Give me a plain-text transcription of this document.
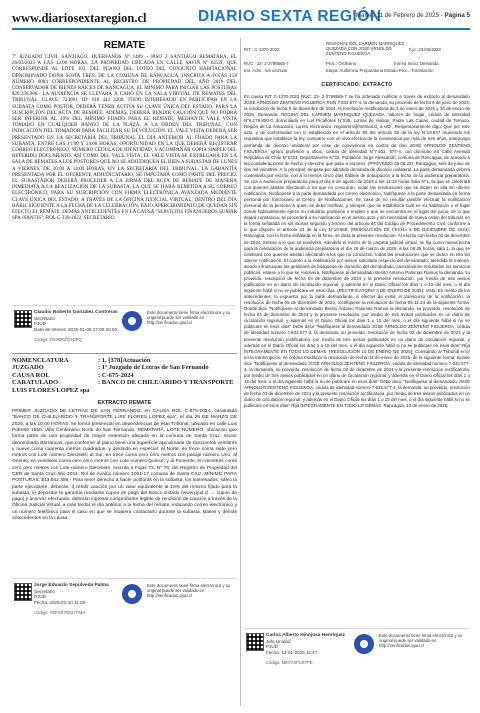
www.diariosextaregion.cl	DIARIO SEXTA REGIÓN
Martes 11 de Febrero de 2025 - Página 5
REMATE
7º JUZGADO CIVIL SANTIAGO, HUÉRFANOS Nº 1409 – PISO 2 SANTIAGO REMATARÁ, EL 26/03/2025 A LAS 12:00 HORAS, LA PROPIEDAD UBICADA EN CALLE SAVIÑ Nº 0252I, QUE CORRESPONDE AL LOTE 103, DEL PLANO DEL LOTEO DEL CONJUNTO HABITACIONAL DENOMINADO DOÑA SOFÍA TRES, DE LA COMUNA DE RANCAGUA, INSCRITA A FOJAS 158 NÚMERO 6084 CORRESPONDIENTE AL REGISTRO DE PROPIEDAD DEL AÑO 2016 DEL CONSERVADOR DE BIENES RAÍCES DE RANCAGUA. EL MÍNIMO PARA INICIAR LAS POSTURAS $26.356.986.- LA AUDIENCIA SE LLEVARÁ A CABO EN LA SALA VIRTUAL DE REMATES DEL TRIBUNAL, CLAVE: 723861, ID: 618 442 3280. TODO INTERESADO EN PARTICIPAR EN LA SUBASTA COMO POSTOR, DEBERÁ TENER ACTIVA SU CLAVE ÚNICA DEL ESTADO, PARA LA SUSCRIPCIÓN DEL ACTA DE REMATE. ADEMÁS, DEBERÁ RENDIR CAUCIÓN QUE NO PODRÁ SER INFERIOR AL 10% DEL MÍNIMO FIJADO PARA EL REMATE, MEDIANTE VALE VISTA TOMADO EN CUALQUIER BANCO DE LA PLAZA, A LA ORDEN DEL TRIBUNAL, CON INDICACIÓN DEL TOMADOR PARA FACILITAR SU DEVOLUCIÓN. EL VALE VISTA DEBERÁ SER PRESENTADO EN LA SECRETARÍA DEL TRIBUNAL EL DÍA ANTERIOR AL FIJADO PARA LA SUBASTA, ENTRE LAS 11:00 Y 14:00 HORAS, OPORTUNIDAD EN LA QUE DEBERÁ REGISTRAR CORREO ELECTRÓNICO, NÚMERO CÉDULA DE IDENTIDAD, Y ACOMPAÑAR COPIA SIMPLE DEL REFERIDO DOCUMENTO. ASÍ COMO DEL VALE VISTA. EL VALE VISTA SE ENTREGARÁ EN LA SALA DE REMATES A LOS POSTORES QUE NO SE ADJUDIQUEN EL BIEN A SUBASTAR DE LUNES A VIERNES, DE 10:00 A 14:00 HORAS, EN LA SECRETARÍA DEL TRIBUNAL. LA GARANTÍA PRESENTADA POR EL OFERENTE ADJUDICATARIO, SE IMPUTARÁ COMO PARTE DEL PRECIO. EL SUBASTADOR DEBERÁ PROCEDER A LA FIRMA DEL ACTA DE REMATE DE MANERA INMEDIATA A LA REALIZACIÓN DE LA SUBASTA, LA QUE SE HARÁ REMITIDA A SU CORREO ELECTRÓNICO, PARA SU SUSCRIPCIÓN CON FIRMA ELECTRÓNICA AVANZADA MEDIANTE CLAVE ÚNICA DEL ESTADO, A TRAVÉS DE LA OFICINA JUDICIAL VIRTUAL, DENTRO DEL DÍA HÁBIL SIGUIENTE A LA FECHA DE LA CELEBRACIÓN, BAJO APERCIBIMIENTO DE QUEDAR SIN EFECTO EL REMATE. DEMÁS ANTECEDENTES EN LA CAUSA "SERVICIOS FINANCIEROS SUMAR SPA./SANTIS", ROL C-320-2022, SECRETARIO.
Claudio Roberto González Contreras
Secretario
PJUD
Date de Interes: 2025-01-06 17:00 20 00
Este documento tiene firma electrónica y su original puede ser validado en http://verificadoc.pjud.cl
Código: DVJMRZQYDPQ
NOMENCLATURA	: 1. [378]Actuación
JUZGADO	: 1º Juzgado de Letras de San Fernando
CAUSA ROL	: C-675-2024
CARATULADO	: BANCO DE CHILE/ARIDO Y TRANSPORTE
LUIS FLORES LOPEZ spa	
EXTRACTO REMATE
PRIMER JUZGADO DE LETRAS DE SAN FERNANDO, en CAUSA ROL C-675-2024, caratulada "BANCO DE CHILE/ARIDO Y TRANSPORTE LUIS FLORES LOPEZ spa", el día 28 DE MARZO DE 2025, a las 10:00 HORAS, se forma presencial en dependencias de este Tribunal, ubicado en calle Luis Pobrete 1550. Villa Centenario Norte de San Fernando, REMATARÁ, LOTE NÚMERO: ubicación que forma parte de una propiedad de mayor extensión ubicada en la comuna de Santa Cruz, sector denominado Barrancas, que conforme al plano tiene una superficie aproximada de doscientos veintitrés y nueve coma cuarenta metros cuadrados, y deslinda en especial: al Norte, en trece coma siete cero metros con Lote número Dieciséis; al Sur, en trece coma cero cero metros con pasaje número Uno; al Oriente, en veintiséis coma cero cero metros con Lote número Quince; y al Poniente, en veintitrés coma cero cero metros con Lote número Diecisiete. Inscrita a Fojas 73, Nº 70, del Registro de Propiedad del CBR de Santa Cruz año 2011. Rol de Avalúo número 1061-17 comuna de Santa Cruz. MÍNIMO PARA POSTURAS: $13.842.356.- Para tener derecho a hacer posturas en la subasta, los interesados, salvo la parte ejecutante, deberán: i) rendir caución por un valor equivalente al 10% del mínimo fijado para la subasta; ii) depositar la garantía mediante cupón de pago del Banco Estado (www.pjud.cl → cupon de pago) y una vez efectuado, deberán ingresar comprobante legible de rendición de caución a través de la Oficina Judicial Virtual, a más tardar el día anterior a la fecha del remate, indicando correo electrónico y un número telefónico para el caso en que se requiera contactarlo durante la subasta. Bases y demás antecedentes en la causa.
Jorge Eduardo Sepúlveda Palma
Secretario
PJUD
Fecha: 2025-01-10 11:00
Este documento tiene firma electrónica y su original puede ser validado en http://verificadoc.pjud.cl
Código: YEFOX7WQYPMH
RIT : C-1370-2023
REGIONAL DEL CARMEN MARRIQUEZ QUEZADA CON JOSÉ ARNOLDO ZENTENO FIGUEROA
F.ja : 01/06/2023
RUC : 23- 2-3798585-7	Proc.: Ordinario	Forma Inicio: Demanda
Est. Adm.: Sin archivar	Etapa: Audiencia Preparatoria Estado Proc.: Tramitación
CERTIFICADO: EXTRACTO
En causa RIT C-1370-2023 RUC: 23- 2-3798585-7 se ha ordenado notificar a través de extracto al demandado JOSÉ ARNOLDO ZENTENO FIGUEROA RUN 7.632.577-4, la demanda, su proveído de fecha 6 de junio de 2023, la resolución de fecha 5 de diciembre de 2024, la resolución rectificatoria de 3 de enero de 2025 y 10 de enero de 2025. Demanda: REGINA DEL CARMEN MARRIQUEZ QUEZADA, labores de hogar, cédula de identidad N°6.179.800-0, domiciliada en Los Pícaflores N°530, Lomas de Huilian, Padre Las Casas, ciudad de Temuco, Región de La Araucanía, correo electrónico: reginamm@hotmail.cl, a UD., Respetuosamente digo: Que por este acto, y de conformidad con lo establecido en el artículo 55 del artículo 55 de la ley N°19.947 reuniendo los requisitos que establece la ley, comparto con un vivo efectos de la convivencia por más de tres años, interpongo demanda de divorcio unilateral por cese de convivencia en contra de don JOSÉ ARNOLDO ZENTENO FIGUEROA, ignoro profesión u oficio, cédula de identidad N°7.632. 577-4, con domicilio en Calle Avenida República de Chile N°5723, Departamento N°32, Población Jorge Alessandri, comuna de Rancagua, de acuerdo a las consideraciones de hecho y derecho que paso a exponer. (PROVEÍDO 06.06.23): Rancagua, seis de junio de dos mil veintitrés. A lo principal: téngase por admitida demanda de divorcio unilateral. La parte demandada deberá contestarla por escrito, con a lo menos cinco días hábiles de anticipación a la fecha de la audiencia preparatoria. Se cita a audiencia preparatoria para el día 8 de agosto de 2023 a las 11:15 horas Sala N°1, la que se celebrará con quienes asistan afectando a los que no concurran, todas las resoluciones que se dicten en ella sin ulterior notificación. Notifíquese a la parte demandada por correo electrónico. Notifíquese a la parte demandada en forma personal por funcionario al Centro de Notificaciones. En caso de no resultar posible efectuar la notificación personal de la persona a quien se debe notificar, y siempre que se establezca cuál es su habitación o el lugar donde habitualmente ejerce su industria, profesión o empleo y que se encuentra en el lugar del juicio, de lo que dejará constancia, se procederá a su notificación en el mismo acto y sin necesidad de nueva orden del tribunal, en la forma señalada en los incisos segundo y tercero del artículo 44 del Código de Procedimiento Civil, conforme a lo que dispone el artículo 23 de la Ley N°19.968. (RESOLUCIÓN DE FECHA 5 DE DICIEMBRE DE 2024): Rancagua, con la fecha señalada en la firma, se dicta la presente resolución: Al escrito con fecha 02 de diciembre de 2024: Estese a lo que se resolverá. Atendido el mérito de la carpeta judicial virtual; se fija como nueva fecha para la celebración de la audiencia preparatoria el día 26 de marzo de 2025, a las 09:45 horas, sala 1, la que se celebrará con quienes asistan afectando a los que no concurran, todas las resoluciones que se dicten en ella sin ulterior notificación. El cuanto a la notificación por avisos solicitada respecto del demandado; atendida la materia, siendo infructuosas las gestiones de búsqueda de domicilio del demandado, careciéndose resultados los servicios públicos; estese a lo que se resolverá. Notifíquese al demandado Benito Antonio Palomas Ramos la demanda, su proveído, resolución de fecha 04 de diciembre de 2024 y la presente resolución, por medio de tres avisos publicados en un diario de circulación regional, y además en el Diario Oficial los días 1 o 15 del mes, o el día siguiente hábil si no se publicare en esos días. (RECTIFICATORIA 3 DE ENERO DE 2025): Visto: En mérito de los antecedentes, lo expuesto por la parte demandante, a efectos de evitar el transcurso de la notificación, la resolución de fecha 05 de diciembre de 2024, rectifíquese la resolución de fecha 05.12.24 de la siguiente forma: Donde dice "Notifíquese al demandado Benito Antonio Palomas Ramos la demanda, su proveído, resolución de fecha 04 de diciembre de 2024 y la presente resolución, por medio de tres avisos publicados en un diario de circulación regional, y además en el Diario Oficial los días 1 o 15 del mes, o el día siguiente hábil si no se publicare en esos días" Debe decir "Notifíquese al demandado JOSÉ ARNOLDO ZENTENO FIGUEROA, cédula de identidad número 7.632.577-4, la demanda, su proveído, resolución de fecha 02 de diciembre de 2024 y la presente resolución rectificatoria, por medio de tres avisos publicados en un diario de circulación regional, y además en el Diario Oficial los días 1 o 15 del mes, o el día siguiente hábil si no se publicare en esos días" Ríja ÍNTEGRAMENTE EN TODO LO DEMÁS. (RESOLUCIÓN 10 DE ENERO DE 2025): Constando al Tribunal error en la transcripción, se ordena modificar la resolución de fecha 03 de enero de 2025, de la siguiente forma: Donde dice "Notifíquese al demandado JOSÉ ARNOLDO ZENTENO FIGUEROA, cédula de identidad número 7.632.577-4, la demanda, su proveído, resolución de fecha 02 de diciembre de 2024 y la presente resolución rectificatoria, por medio de tres avisos publicados en un diario de circulación regional, y además en el Diario Oficial los días 1 o 15 del mes, o el día siguiente hábil si no se publicare en esos días" Debe decir "Notifíquese al demandado JOSÉ ARNOLDO ZENTENO FIGUEROA, cédula de identidad número 7.632.577-4, la demanda, su proveído, resolución de fecha 03 de diciembre de 2024 y la presente resolución rectificatoria, por medio de tres avisos publicados en un diario de circulación regional, y además en el Diario Oficial los días 1 o 15 del mes, o el día siguiente hábil si no se publicare en esos días" Ríja ÍNTEGRAMENTE EN TODO LO DEMÁS. Rancagua, 13 de enero de 2025.
Carlos Alberto Hinojosa Henríquez
Jefe Unidad
PJUD
Fecha: 13-01-2025 11:47
Este documento tiene firma electrónica y su original puede ser validado en http://verificadoc.pjud.cl
Código: MEVVXFCKTPE
